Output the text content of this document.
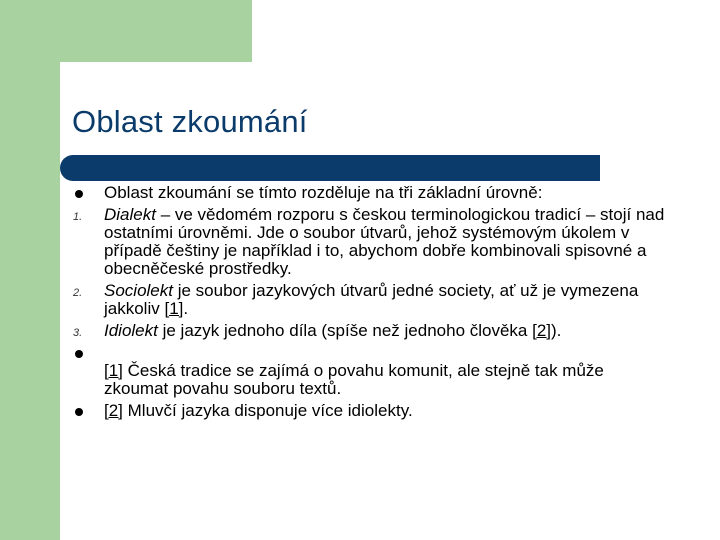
Oblast zkoumání
Oblast zkoumání se tímto rozděluje na tři základní úrovně:
1.	Dialekt – ve vědomém rozporu s českou terminologickou tradicí – stojí nad ostatními úrovněmi. Jde o soubor útvarů, jehož systémovým úkolem v případě češtiny je například i to, abychom dobře kombinovali spisovné a obecněčeské prostředky.
2.	Sociolekt je soubor jazykových útvarů jedné society, ať už je vymezena jakkoliv [1].
3.	Idiolekt je jazyk jednoho díla (spíše než jednoho člověka [2]).
[1] Česká tradice se zajímá o povahu komunit, ale stejně tak může zkoumat povahu souboru textů.
[2] Mluvčí jazyka disponuje více idiolekty.
